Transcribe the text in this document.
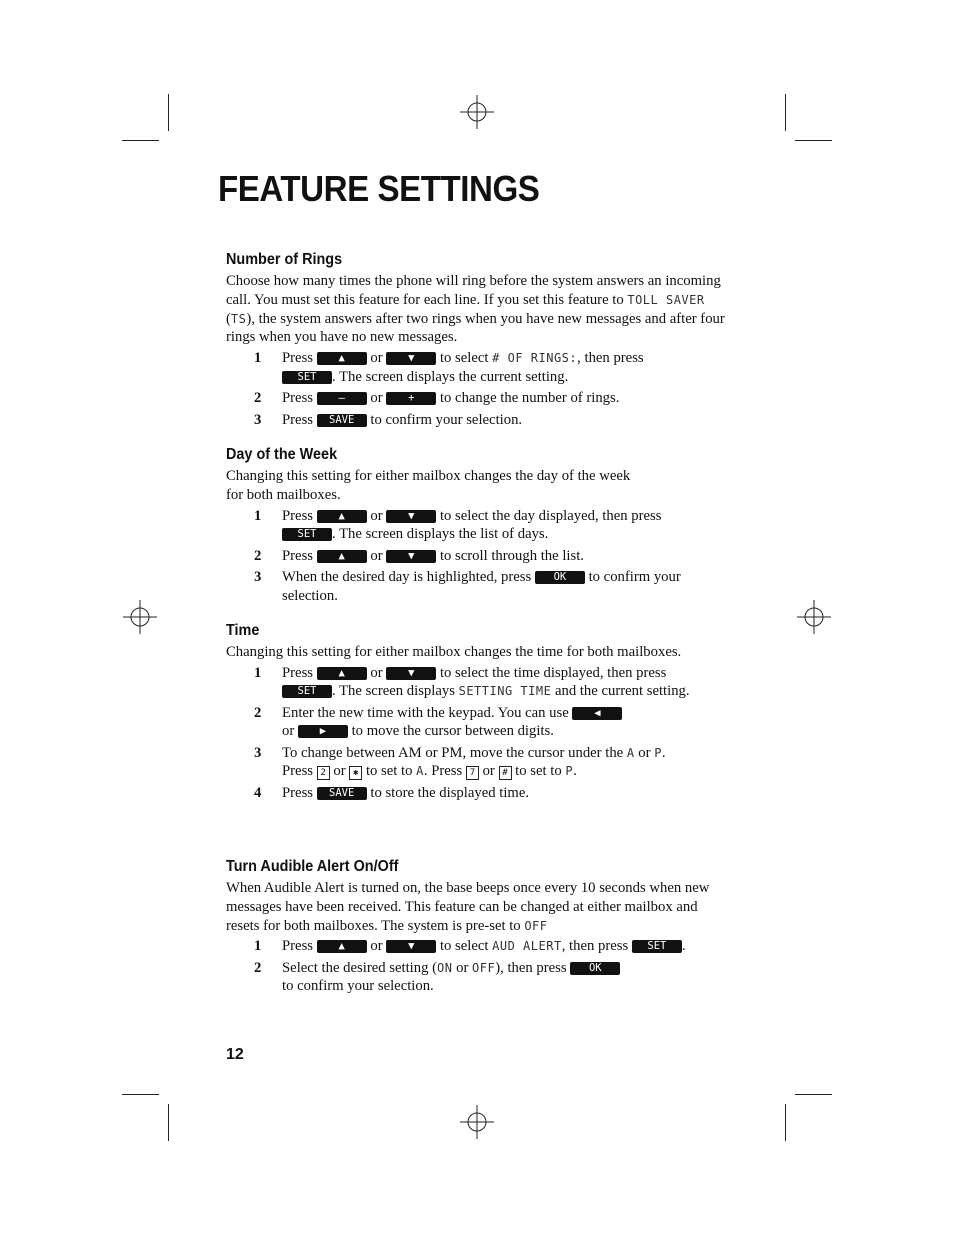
FEATURE SETTINGS
Number of Rings

Choose how many times the phone will ring before the system answers an incoming call. You must set this feature for each line. If you set this feature to TOLL SAVER (TS), the system answers after two rings when you have new messages and after four rings when you have no new messages.

1 Press ▲ or ▼ to select # OF RINGS:, then press
SET . The screen displays the current setting.
2 Press – or + to change the number of rings.
3 Press SAVE to confirm your selection.
Day of the Week

Changing this setting for either mailbox changes the day of the week
for both mailboxes.

1 Press ▲ or ▼ to select the day displayed, then press
SET . The screen displays the list of days.
2 Press ▲ or ▼ to scroll through the list.
3 When the desired day is highlighted, press OK to confirm your selection.
Time

Changing this setting for either mailbox changes the time for both mailboxes.

1 Press ▲ or ▼ to select the time displayed, then press
SET . The screen displays SETTING TIME and the current setting.
2 Enter the new time with the keypad. You can use ◀
or ▶ to move the cursor between digits.
3 To change between AM or PM, move the cursor under the A or P.
Press 2 or ✱ to set to A. Press 7 or # to set to P.
4 Press SAVE to store the displayed time.
Turn Audible Alert On/Off

When Audible Alert is turned on, the base beeps once every 10 seconds when new messages have been received. This feature can be changed at either mailbox and resets for both mailboxes. The system is pre-set to OFF

1 Press ▲ or ▼ to select AUD ALERT, then press SET .
2 Select the desired setting (ON or OFF), then press OK
to confirm your selection.
12
